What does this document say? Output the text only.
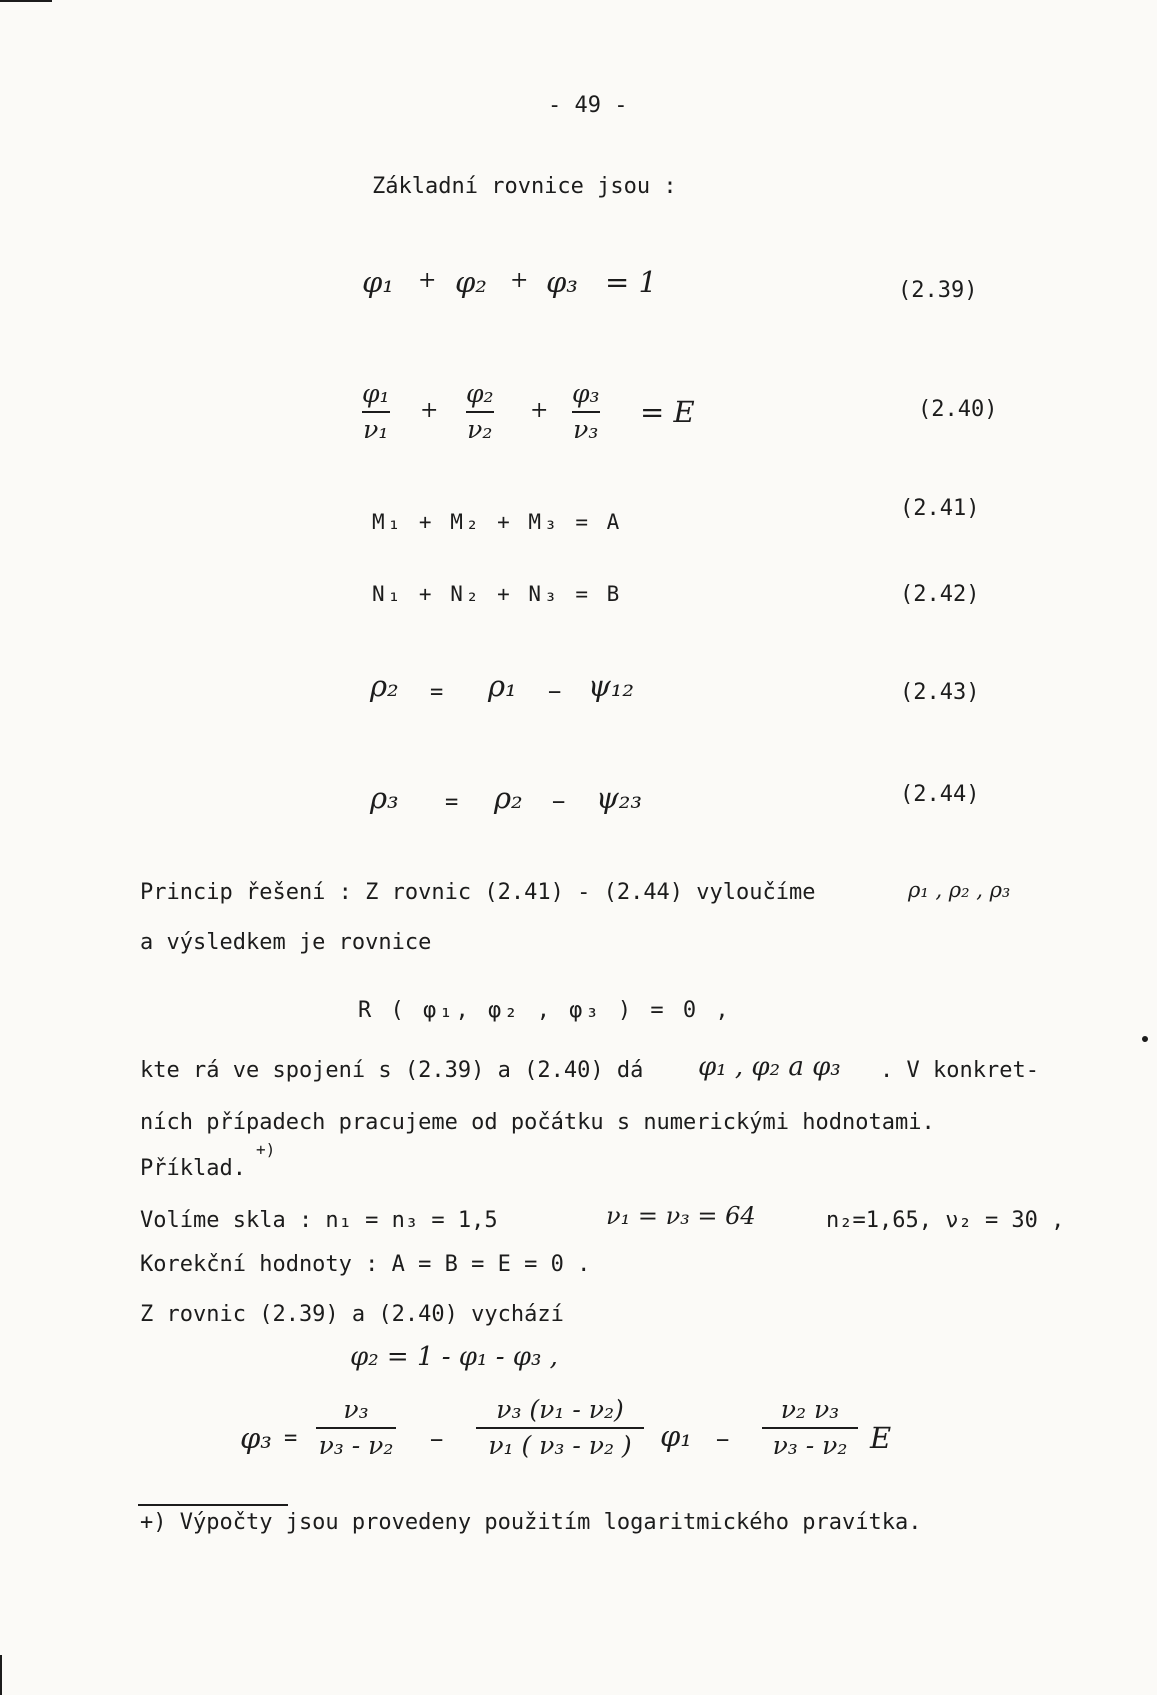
- 49 -
Základní rovnice jsou :
φ₁ + φ₂ + φ₃ = 1	(2.39)
φ₁
ν₁
+
φ₂
ν₂
+
φ₃
ν₃ = E	(2.40)
M₁ + M₂ + M₃ = A
(2.41)
N₁ + N₂ + N₃ = B	(2.42)
ρ₂ = ρ₁ − ψ₁₂	(2.43)
ρ₃ = ρ₂ − ψ₂₃	(2.44)
Princip řešení : Z rovnic (2.41) - (2.44) vyloučíme	ρ₁ , ρ₂ , ρ₃
a výsledkem je rovnice
R ( φ₁, φ₂ , φ₃ ) = 0 ,
kte rá ve spojení s (2.39) a (2.40) dá φ₁ , φ₂ a φ₃ . V konkret-
ních případech pracujeme od počátku s numerickými hodnotami.
Příklad.
+)
Volíme skla : n₁ = n₃ = 1,5	ν₁ = ν₃ = 64	n₂=1,65, ν₂ = 30 ,
Korekční hodnoty : A = B = E = 0 .
Z rovnic (2.39) a (2.40) vychází
φ₂ = 1 - φ₁ - φ₃ ,
φ₃ =
ν₃
ν₃ - ν₂ −
ν₃ (ν₁ - ν₂)
ν₁ ( ν₃ - ν₂ ) φ₁ −
ν₂ ν₃
ν₃ - ν₂ E
+) Výpočty jsou provedeny použitím logaritmického pravítka.
